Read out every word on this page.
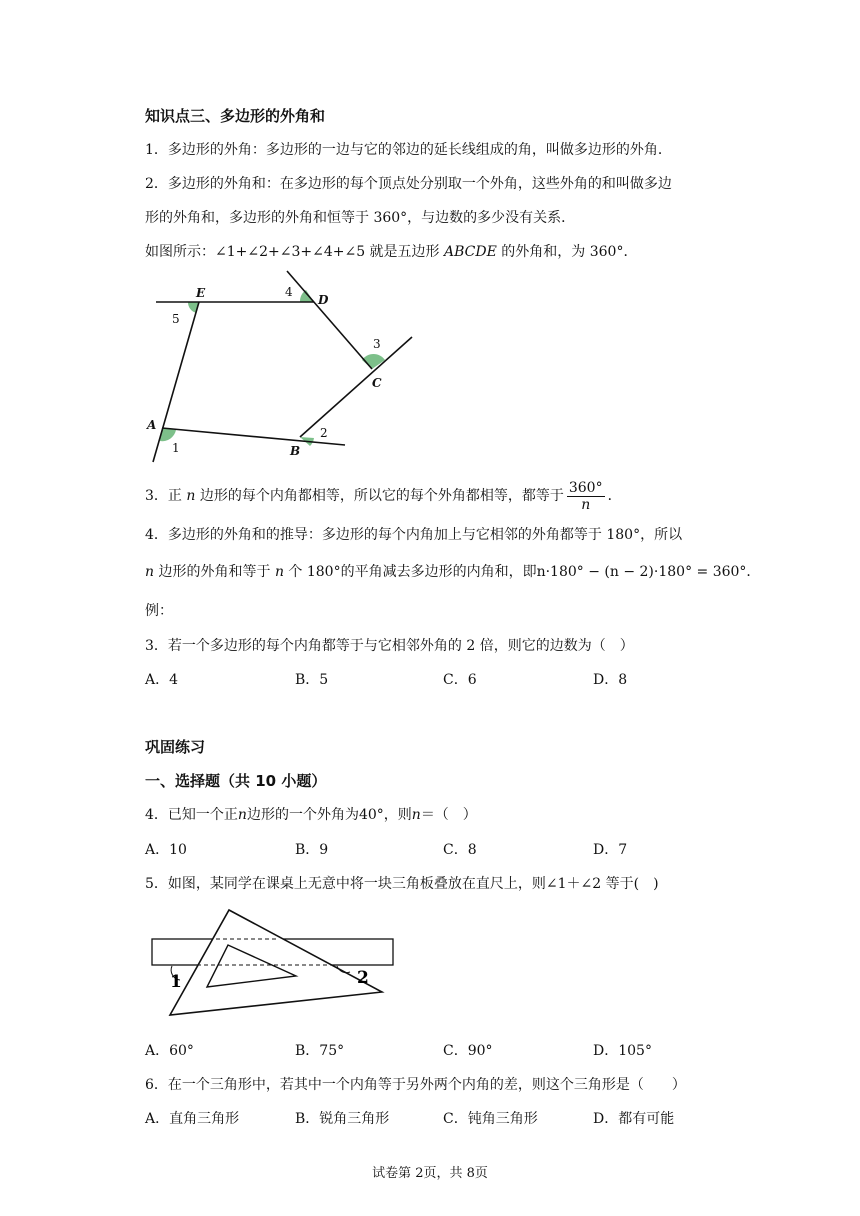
知识点三、多边形的外角和
1．多边形的外角：多边形的一边与它的邻边的延长线组成的角，叫做多边形的外角．
2．多边形的外角和：在多边形的每个顶点处分别取一个外角，这些外角的和叫做多边
形的外角和，多边形的外角和恒等于 360°，与边数的多少没有关系．
如图所示：∠1+∠2+∠3+∠4+∠5 就是五边形 ABCDE 的外角和，为 360°．
E	D
C
B
A
1
2
3
4
5
3．正 n 边形的每个内角都相等，所以它的每个外角都相等，都等于 $\frac{360^\circ}{n}$ ．
4．多边形的外角和的推导：多边形的每个内角加上与它相邻的外角都等于 180°，所以
n 边形的外角和等于 n 个 180°的平角减去多边形的内角和，即n·180° − (n − 2)·180° = 360°．
例：
3．若一个多边形的每个内角都等于与它相邻外角的 2 倍，则它的边数为（　）
A．4	B．5	C．6	D．8
巩固练习
一、选择题（共 10 小题）
4．已知一个正n边形的一个外角为40°，则n＝（　）
A．10	B．9	C．8	D．7
5．如图，某同学在课桌上无意中将一块三角板叠放在直尺上，则∠1＋∠2 等于(　)
1	2
A．60°	B．75°	C．90°	D．105°
6．在一个三角形中，若其中一个内角等于另外两个内角的差，则这个三角形是（　　）
A．直角三角形	B．锐角三角形	C．钝角三角形	D．都有可能
试卷第 2页，共 8页
